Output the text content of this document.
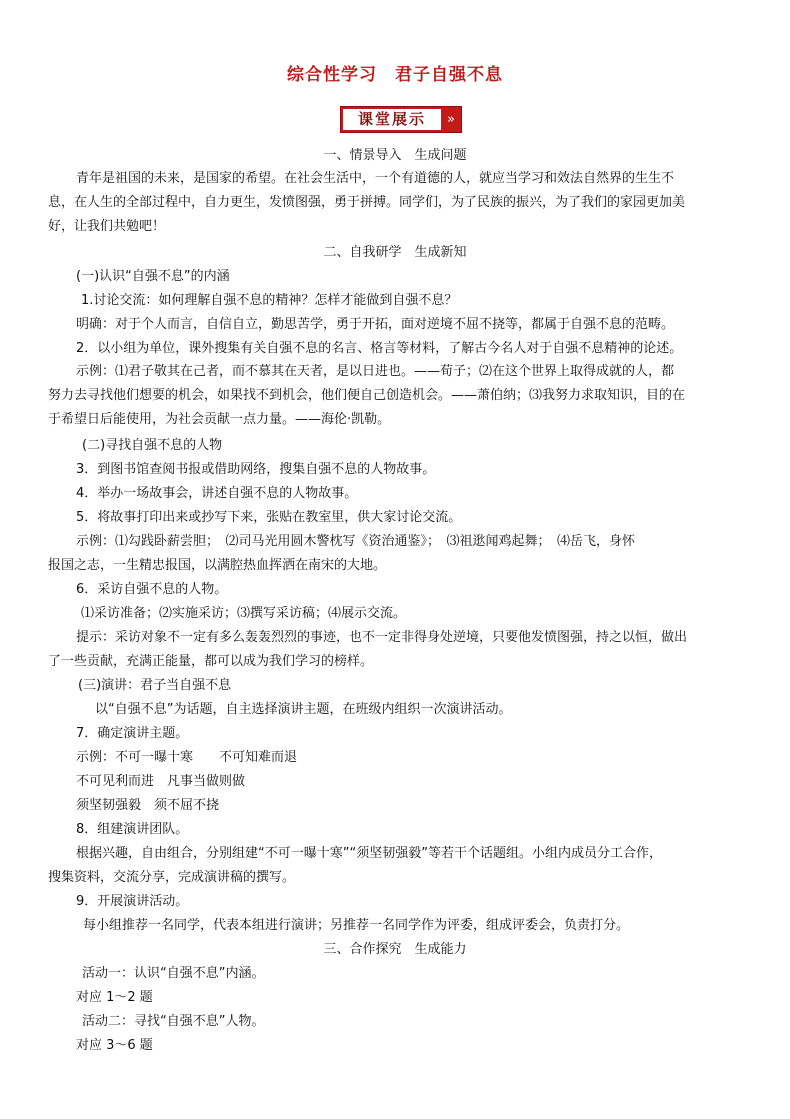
综合性学习 君子自强不息
课堂展示	»
一、情景导入　生成问题
青年是祖国的未来，是国家的希望。在社会生活中，一个有道德的人，就应当学习和效法自然界的生生不
息，在人生的全部过程中，自力更生，发愤图强，勇于拼搏。同学们，为了民族的振兴，为了我们的家园更加美
好，让我们共勉吧！
二、自我研学　生成新知
(一)认识“自强不息”的内涵
1.讨论交流：如何理解自强不息的精神？怎样才能做到自强不息？
明确：对于个人而言，自信自立，勤思苦学，勇于开拓，面对逆境不屈不挠等，都属于自强不息的范畴。
2．以小组为单位，课外搜集有关自强不息的名言、格言等材料，了解古今名人对于自强不息精神的论述。
示例：⑴君子敬其在己者，而不慕其在天者，是以日进也。——荀子；⑵在这个世界上取得成就的人，都
努力去寻找他们想要的机会，如果找不到机会，他们便自己创造机会。——萧伯纳；⑶我努力求取知识，目的在
于希望日后能使用，为社会贡献一点力量。——海伦·凯勒。
(二)寻找自强不息的人物
3．到图书馆查阅书报或借助网络，搜集自强不息的人物故事。
4．举办一场故事会，讲述自强不息的人物故事。
5．将故事打印出来或抄写下来，张贴在教室里，供大家讨论交流。
示例：⑴勾践卧薪尝胆；　⑵司马光用圆木警枕写《资治通鉴》；　⑶祖逖闻鸡起舞；　⑷岳飞，身怀
报国之志，一生精忠报国，以满腔热血挥洒在南宋的大地。
6．采访自强不息的人物。
⑴采访准备；⑵实施采访；⑶撰写采访稿；⑷展示交流。
提示：采访对象不一定有多么轰轰烈烈的事迹，也不一定非得身处逆境，只要他发愤图强，持之以恒，做出
了一些贡献，充满正能量，都可以成为我们学习的榜样。
(三)演讲：君子当自强不息
以“自强不息”为话题，自主选择演讲主题，在班级内组织一次演讲活动。
7．确定演讲主题。
示例：不可一曝十寒　　不可知难而退
不可见利而进　凡事当做则做
须坚韧强毅　须不屈不挠
8．组建演讲团队。
根据兴趣，自由组合，分别组建“不可一曝十寒”“须坚韧强毅”等若干个话题组。小组内成员分工合作，
搜集资料，交流分享，完成演讲稿的撰写。
9．开展演讲活动。
每小组推荐一名同学，代表本组进行演讲；另推荐一名同学作为评委，组成评委会，负责打分。
三、合作探究　生成能力
活动一：认识“自强不息”内涵。
对应 1～2 题
活动二：寻找“自强不息”人物。
对应 3～6 题
